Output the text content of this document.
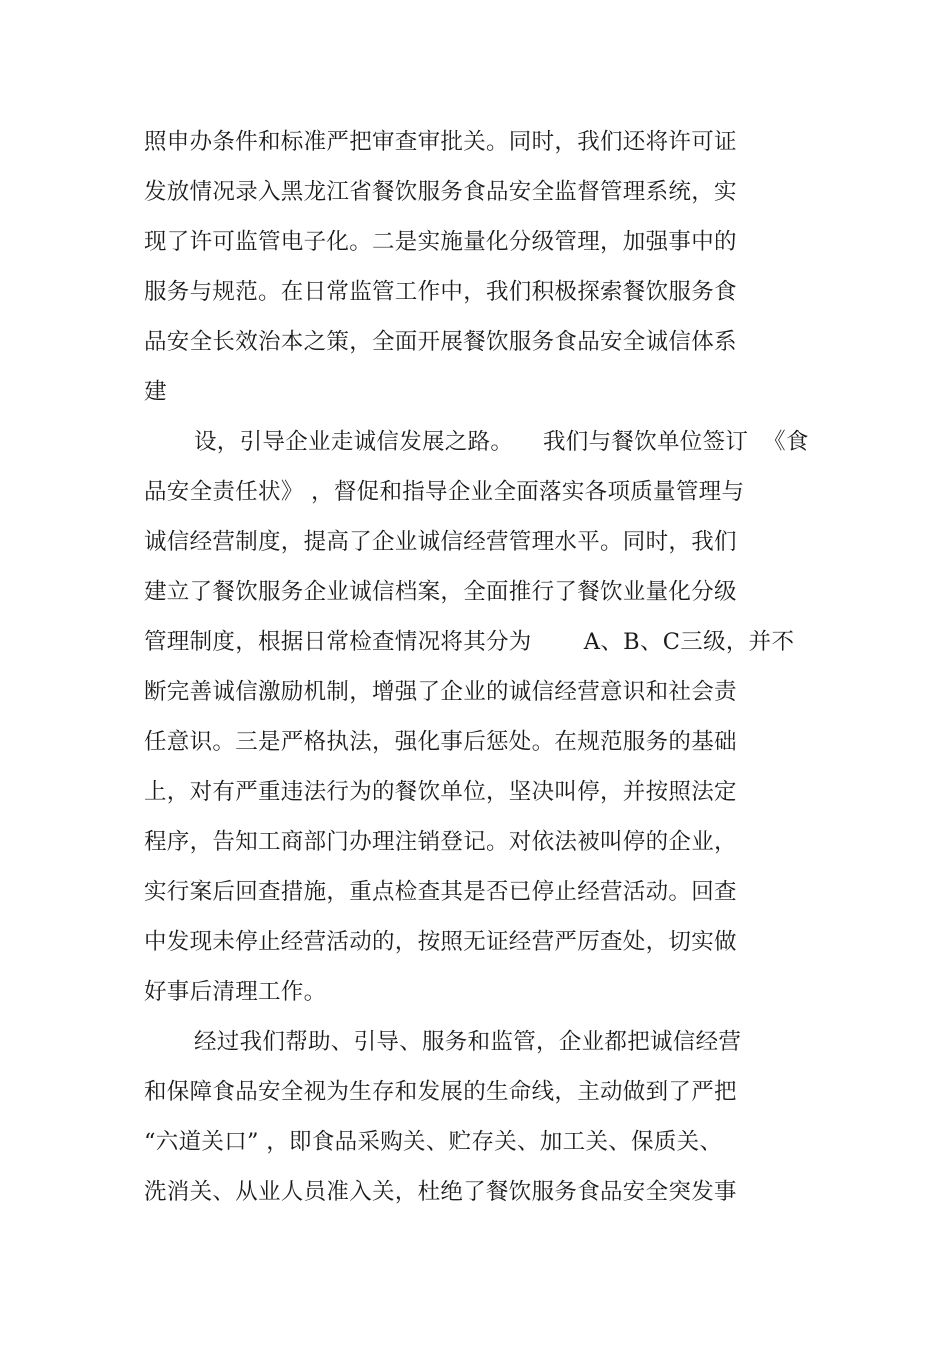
照申办条件和标准严把审查审批关。同时，我们还将许可证
发放情况录入黑龙江省餐饮服务食品安全监督管理系统，实
现了许可监管电子化。二是实施量化分级管理，加强事中的
服务与规范。在日常监管工作中，我们积极探索餐饮服务食
品安全长效治本之策，全面开展餐饮服务食品安全诚信体系
建
设，引导企业走诚信发展之路。    我们与餐饮单位签订  《食
品安全责任状》 ，督促和指导企业全面落实各项质量管理与
诚信经营制度，提高了企业诚信经营管理水平。同时，我们
建立了餐饮服务企业诚信档案，全面推行了餐饮业量化分级
管理制度，根据日常检查情况将其分为       A、B、C三级，并不
断完善诚信激励机制，增强了企业的诚信经营意识和社会责
任意识。三是严格执法，强化事后惩处。在规范服务的基础
上，对有严重违法行为的餐饮单位，坚决叫停，并按照法定
程序，告知工商部门办理注销登记。对依法被叫停的企业，
实行案后回查措施，重点检查其是否已停止经营活动。回查
中发现未停止经营活动的，按照无证经营严厉查处，切实做
好事后清理工作。
经过我们帮助、引导、服务和监管，企业都把诚信经营
和保障食品安全视为生存和发展的生命线，主动做到了严把
“六道关口” ，即食品采购关、贮存关、加工关、保质关、
洗消关、从业人员准入关，杜绝了餐饮服务食品安全突发事
